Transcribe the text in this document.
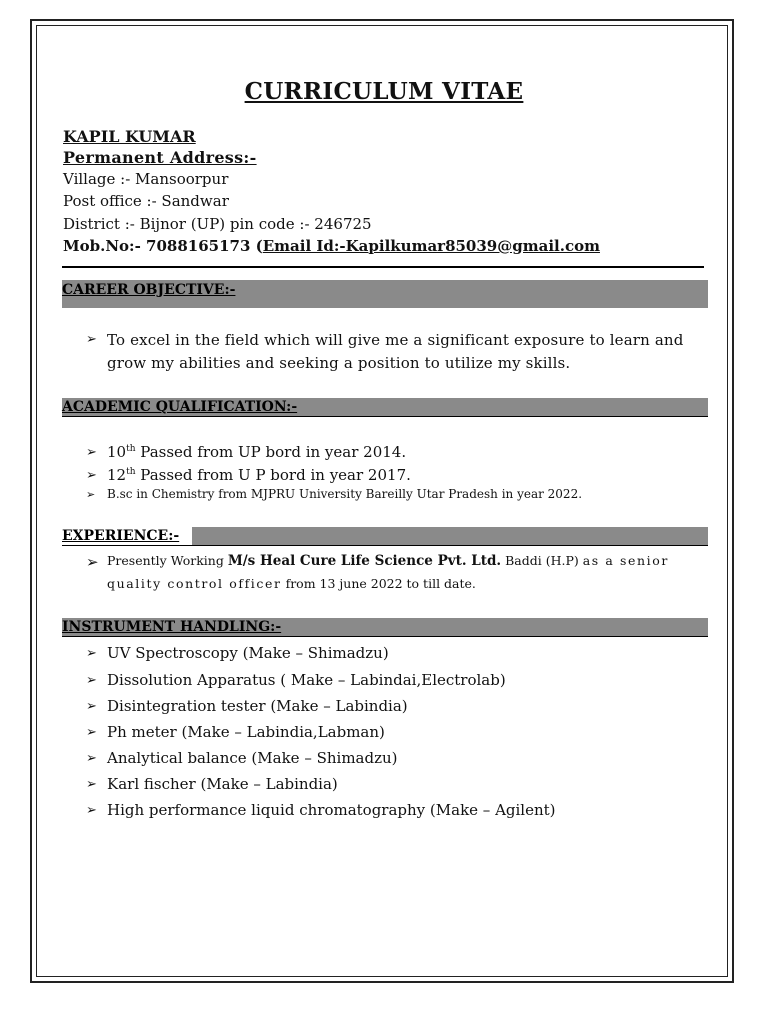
CURRICULUM VITAE
KAPIL KUMAR
Permanent Address:-
Village :- Mansoorpur
Post office :- Sandwar
District :- Bijnor (UP) pin code :- 246725
Mob.No:- 7088165173 (Email Id:-Kapilkumar85039@gmail.com
CAREER OBJECTIVE:-
➢ To excel in the field which will give me a significant exposure to learn and
grow my abilities and seeking a position to utilize my skills.
ACADEMIC QUALIFICATION:-
➢ 10th Passed from UP bord in year 2014.
➢ 12th Passed from U P bord in year 2017.
➢ B.sc in Chemistry from MJPRU University Bareilly Utar Pradesh in year 2022.
EXPERIENCE:-
➢ Presently Working M/s Heal Cure Life Science Pvt. Ltd. Baddi (H.P) as a senior
quality control officer from 13 june 2022 to till date.
INSTRUMENT HANDLING:-
➢ UV Spectroscopy (Make – Shimadzu)
➢ Dissolution Apparatus ( Make – Labindai,Electrolab)
➢ Disintegration tester (Make – Labindia)
➢ Ph meter (Make – Labindia,Labman)
➢ Analytical balance (Make – Shimadzu)
➢ Karl fischer (Make – Labindia)
➢ High performance liquid chromatography (Make – Agilent)
